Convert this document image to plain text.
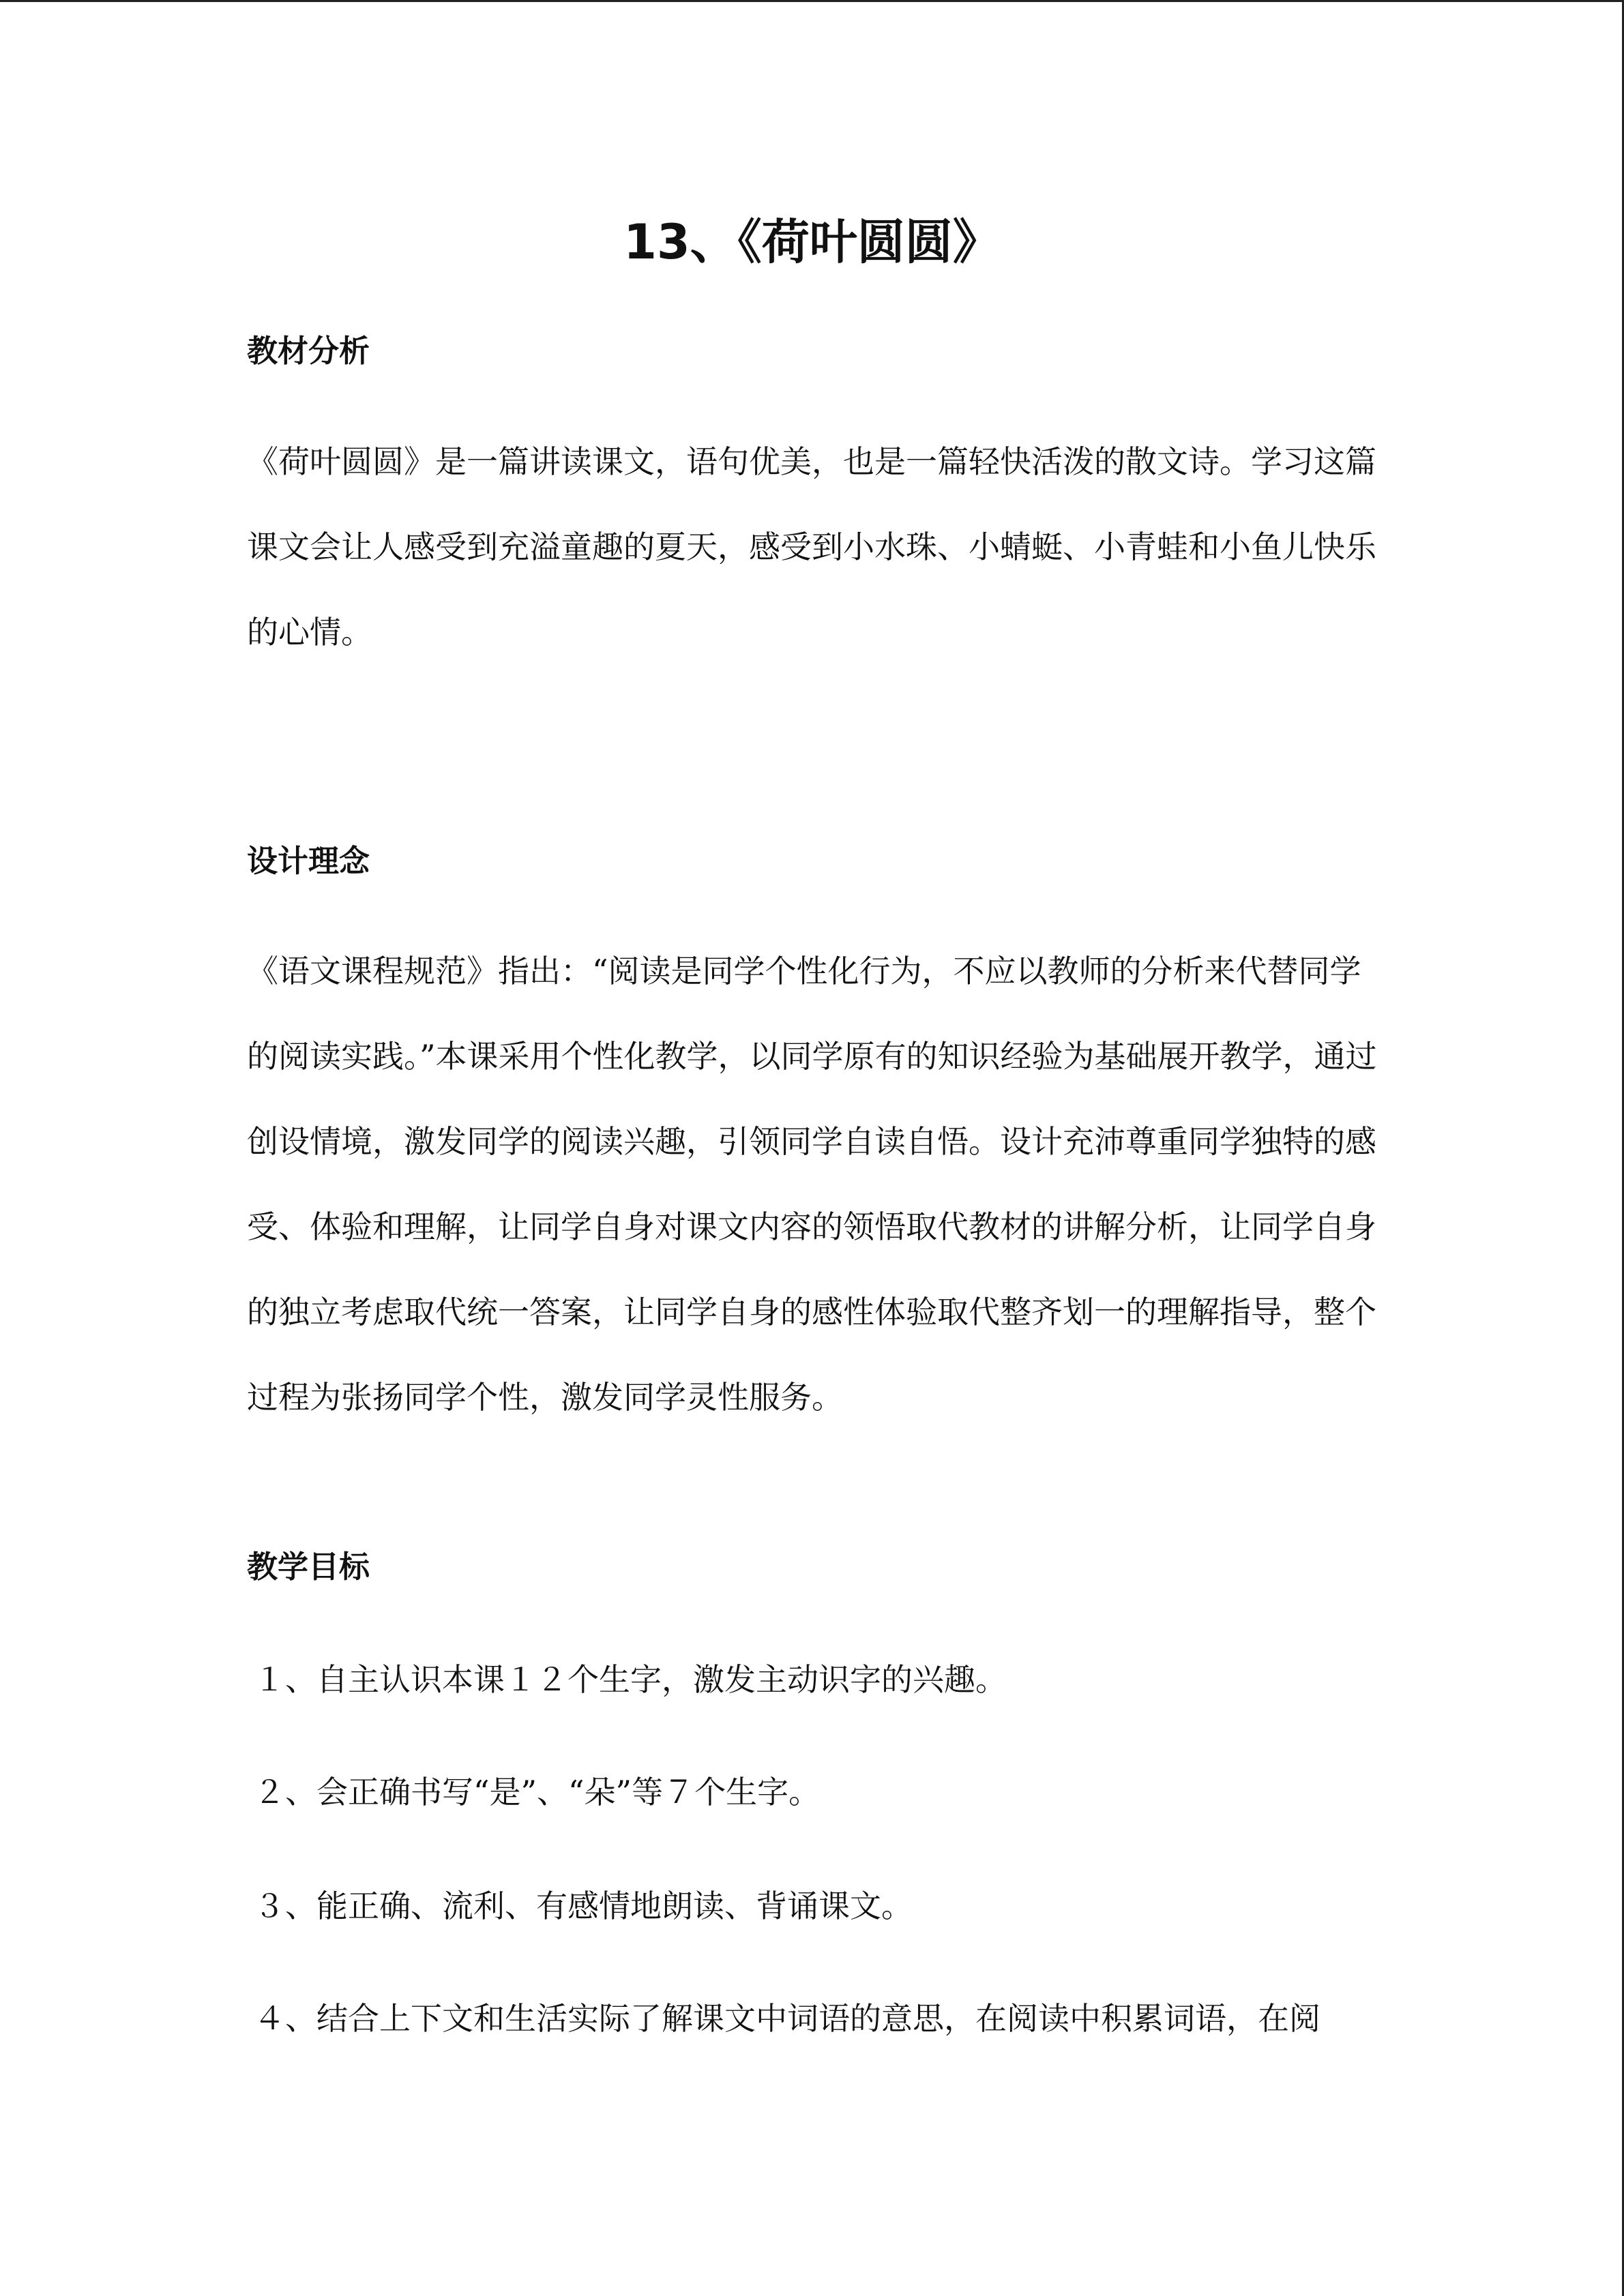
13、《荷叶圆圆》
教材分析

《荷叶圆圆》是一篇讲读课文，语句优美，也是一篇轻快活泼的散文诗。学习这篇课文会让人感受到充溢童趣的夏天，感受到小水珠、小蜻蜓、小青蛙和小鱼儿快乐的心情。

设计理念

《语文课程规范》指出：“阅读是同学个性化行为，不应以教师的分析来代替同学的阅读实践。”本课采用个性化教学，以同学原有的知识经验为基础展开教学，通过创设情境，激发同学的阅读兴趣，引领同学自读自悟。设计充沛尊重同学独特的感受、体验和理解，让同学自身对课文内容的领悟取代教材的讲解分析，让同学自身的独立考虑取代统一答案，让同学自身的感性体验取代整齐划一的理解指导，整个过程为张扬同学个性，激发同学灵性服务。

教学目标

１、自主认识本课１２个生字，激发主动识字的兴趣。

２、会正确书写“是”、“朵”等７个生字。

３、能正确、流利、有感情地朗读、背诵课文。

４、结合上下文和生活实际了解课文中词语的意思，在阅读中积累词语，在阅
